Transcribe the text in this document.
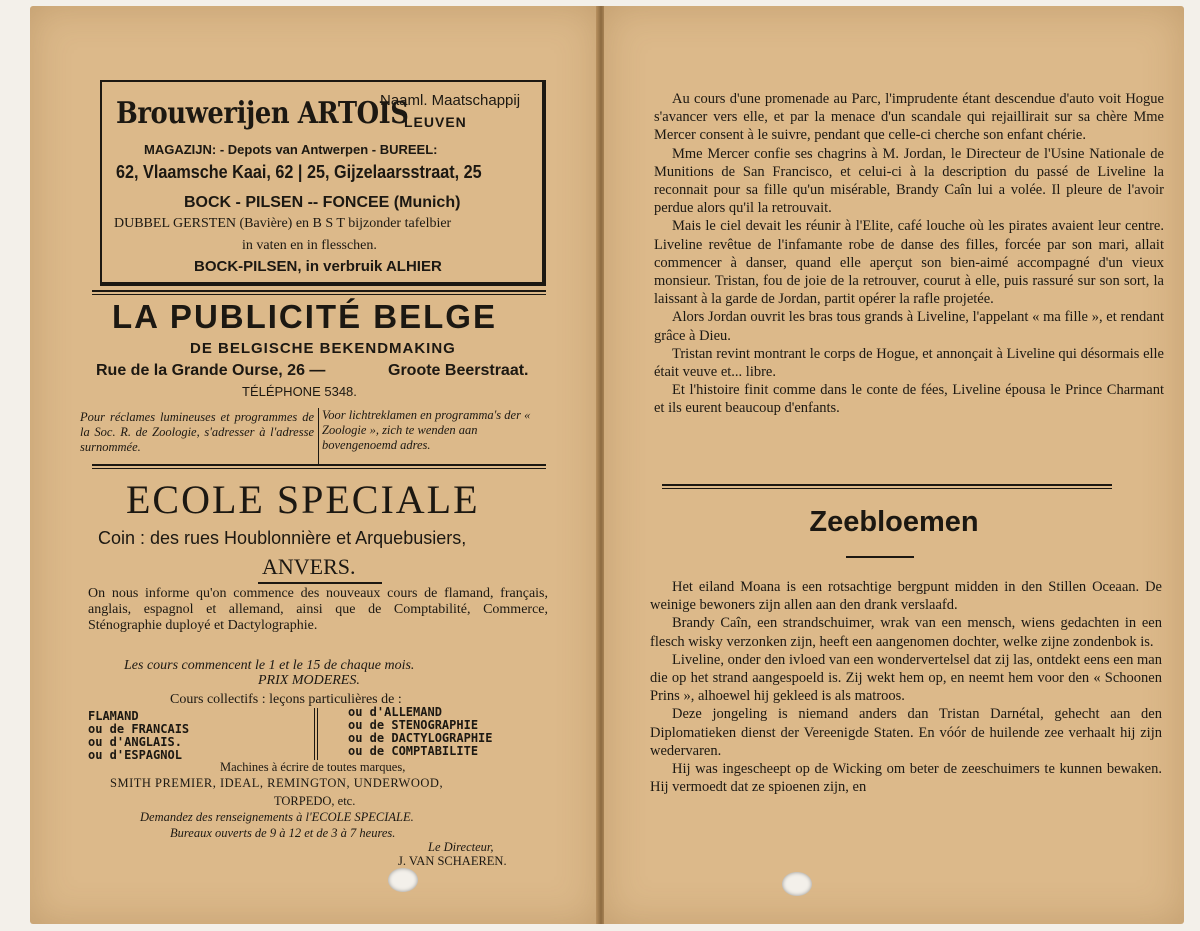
Brouwerijen ARTOIS
Naaml. Maatschappij
LEUVEN
MAGAZIJN: - Depots van Antwerpen - BUREEL:
62, Vlaamsche Kaai, 62 | 25, Gijzelaarsstraat, 25
BOCK - PILSEN -- FONCEE (Munich)
DUBBEL GERSTEN (Bavière) en B S T bijzonder tafelbier
in vaten en in flesschen.
BOCK-PILSEN, in verbruik ALHIER
LA PUBLICITÉ BELGE
DE BELGISCHE BEKENDMAKING
Rue de la Grande Ourse, 26 —	Groote Beerstraat.
TÉLÉPHONE 5348.
Pour réclames lumineuses et programmes de la Soc. R. de Zoologie, s'adresser à l'adresse surnommée.
Voor lichtreklamen en programma's der « Zoologie », zich te wenden aan bovengenoemd adres.
ECOLE SPECIALE
Coin : des rues Houblonnière et Arquebusiers,
ANVERS.
On nous informe qu'on commence des nouveaux cours de flamand, français, anglais, espagnol et allemand, ainsi que de Comptabilité, Commerce, Sténographie duployé et Dactylographie.
Les cours commencent le 1 et le 15 de chaque mois.
PRIX MODERES.
Cours collectifs : leçons particulières de :
FLAMAND
ou de FRANCAIS
ou d'ANGLAIS.
ou d'ESPAGNOL
ou d'ALLEMAND
ou de STENOGRAPHIE
ou de DACTYLOGRAPHIE
ou de COMPTABILITE
Machines à écrire de toutes marques,
SMITH PREMIER, IDEAL, REMINGTON, UNDERWOOD,
TORPEDO, etc.
Demandez des renseignements à l'ECOLE SPECIALE.
Bureaux ouverts de 9 à 12 et de 3 à 7 heures.
Le Directeur,
J. VAN SCHAEREN.

Au cours d'une promenade au Parc, l'imprudente étant descendue d'auto voit Hogue s'avancer vers elle, et par la menace d'un scandale qui rejaillirait sur sa chère Mme Mercer consent à le suivre, pendant que celle-ci cherche son enfant chérie.

Mme Mercer confie ses chagrins à M. Jordan, le Directeur de l'Usine Nationale de Munitions de San Francisco, et celui-ci à la description du passé de Liveline la reconnait pour sa fille qu'un misérable, Brandy Caîn lui a volée. Il pleure de l'avoir perdue alors qu'il la retrouvait.

Mais le ciel devait les réunir à l'Elite, café louche où les pirates avaient leur centre. Liveline revêtue de l'infamante robe de danse des filles, forcée par son mari, allait commencer à danser, quand elle aperçut son bien-aimé accompagné d'un vieux monsieur. Tristan, fou de joie de la retrouver, courut à elle, puis rassuré sur son sort, la laissant à la garde de Jordan, partit opérer la rafle projetée.

Alors Jordan ouvrit les bras tous grands à Liveline, l'appelant « ma fille », et rendant grâce à Dieu.

Tristan revint montrant le corps de Hogue, et annonçait à Liveline qui désormais elle était veuve et... libre.

Et l'histoire finit comme dans le conte de fées, Liveline épousa le Prince Charmant et ils eurent beaucoup d'enfants.

Zeebloemen

Het eiland Moana is een rotsachtige bergpunt midden in den Stillen Oceaan. De weinige bewoners zijn allen aan den drank verslaafd.

Brandy Caîn, een strandschuimer, wrak van een mensch, wiens gedachten in een flesch wisky verzonken zijn, heeft een aangenomen dochter, welke zijne zondenbok is.

Liveline, onder den ivloed van een wondervertelsel dat zij las, ontdekt eens een man die op het strand aangespoeld is. Zij wekt hem op, en neemt hem voor den « Schoonen Prins », alhoewel hij gekleed is als matroos.

Deze jongeling is niemand anders dan Tristan Darnétal, gehecht aan den Diplomatieken dienst der Vereenigde Staten. En vóór de huilende zee verhaalt hij zijn wedervaren.

Hij was ingescheept op de Wicking om beter de zeeschuimers te kunnen bewaken. Hij vermoedt dat ze spioenen zijn, en
